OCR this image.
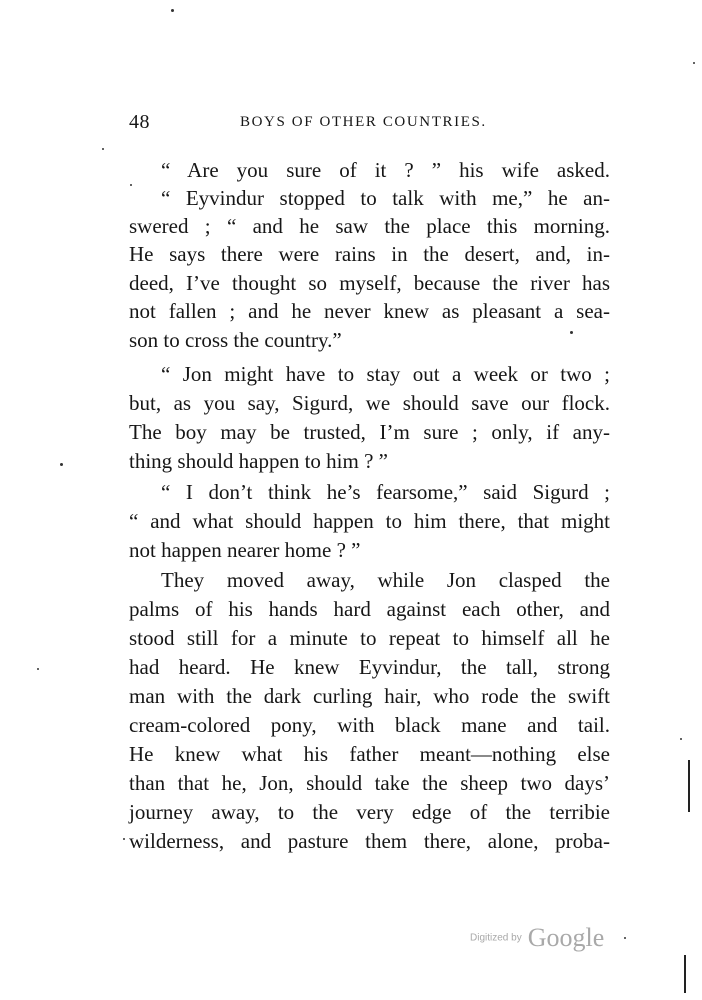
48	BOYS OF OTHER COUNTRIES.
“ Are you sure of it ? ” his wife asked.
“ Eyvindur stopped to talk with me,” he an-
swered ; “ and he saw the place this morning.
He says there were rains in the desert, and, in-
deed, I’ve thought so myself, because the river has
not fallen ; and he never knew as pleasant a sea-
son to cross the country.”
“ Jon might have to stay out a week or two ;
but, as you say, Sigurd, we should save our flock.
The boy may be trusted, I’m sure ; only, if any-
thing should happen to him ? ”
“ I don’t think he’s fearsome,” said Sigurd ;
“ and what should happen to him there, that might
not happen nearer home ? ”
They moved away, while Jon clasped the
palms of his hands hard against each other, and
stood still for a minute to repeat to himself all he
had heard. He knew Eyvindur, the tall, strong
man with the dark curling hair, who rode the swift
cream-colored pony, with black mane and tail.
He knew what his father meant—nothing else
than that he, Jon, should take the sheep two days’
journey away, to the very edge of the terribie
wilderness, and pasture them there, alone, proba-
Digitized by Google
